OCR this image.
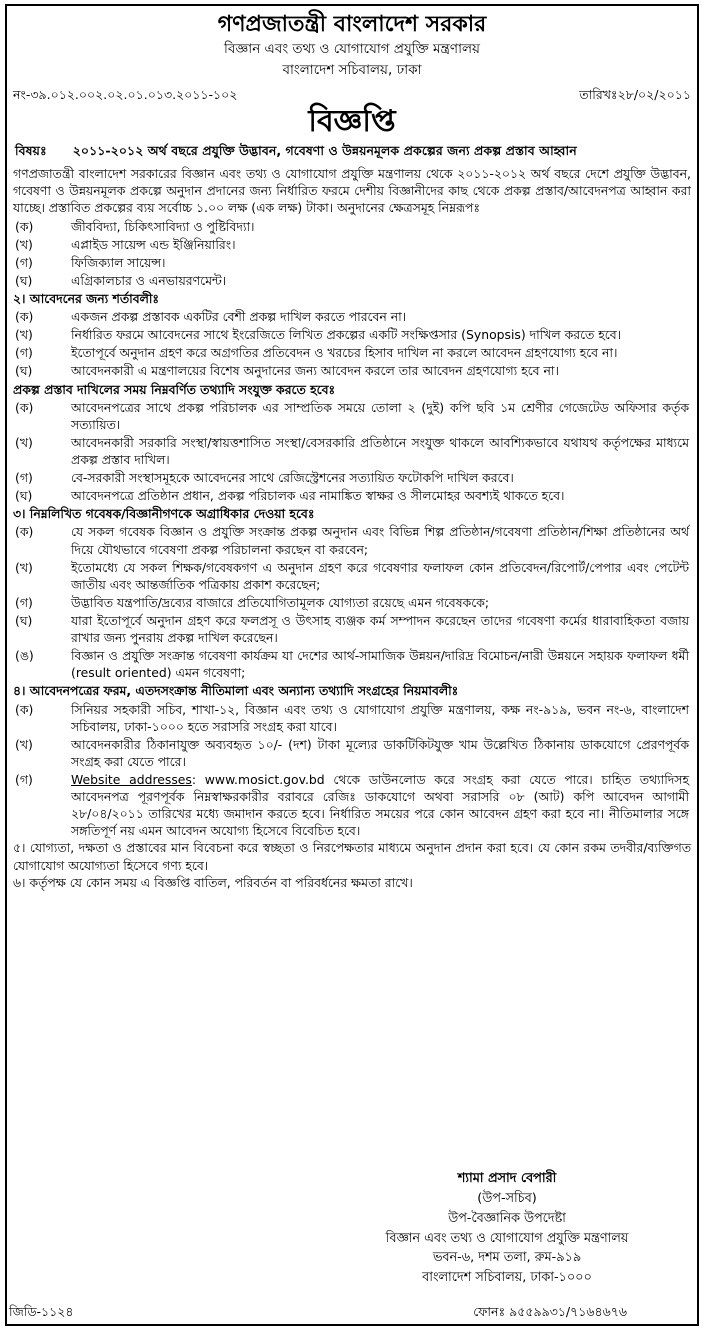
গণপ্রজাতন্ত্রী বাংলাদেশ সরকার
বিজ্ঞান এবং তথ্য ও যোগাযোগ প্রযুক্তি মন্ত্রণালয়
বাংলাদেশ সচিবালয়, ঢাকা
নং-৩৯.০১২.০০২.০২.০১.০১৩.২০১১-১০২	তারিখঃ২৮/০২/২০১১
বিজ্ঞপ্তি
বিষয়ঃ ২০১১-২০১২ অর্থ বছরে প্রযুক্তি উদ্ভাবন, গবেষণা ও উন্নয়নমূলক প্রকল্পের জন্য প্রকল্প প্রস্তাব আহ্বান

গণপ্রজাতন্ত্রী বাংলাদেশ সরকারের বিজ্ঞান এবং তথ্য ও যোগাযোগ প্রযুক্তি মন্ত্রণালয় থেকে ২০১১-২০১২ অর্থ বছরে দেশে প্রযুক্তি উদ্ভাবন, গবেষণা ও উন্নয়নমূলক প্রকল্পে অনুদান প্রদানের জন্য নির্ধারিত ফরমে দেশীয় বিজ্ঞানীদের কাছ থেকে প্রকল্প প্রস্তাব/আবেদনপত্র আহ্বান করা যাচ্ছে। প্রস্তাবিত প্রকল্পের ব্যয় সর্বোচ্চ ১.০০ লক্ষ (এক লক্ষ) টাকা। অনুদানের ক্ষেত্রসমূহ নিম্নরূপঃ

(ক)	জীববিদ্যা, চিকিৎসাবিদ্যা ও পুষ্টিবিদ্যা।
(খ)	এপ্লাইড সায়েন্স এন্ড ইঞ্জিনিয়ারিং।
(গ)	ফিজিক্যাল সায়েন্স।
(ঘ)	এগ্রিকালচার ও এনভায়রণমেন্ট।
২। আবেদনের জন্য শর্তাবলীঃ
(ক)	একজন প্রকল্প প্রস্তাবক একটির বেশী প্রকল্প দাখিল করতে পারবেন না।
(খ)	নির্ধারিত ফরমে আবেদনের সাথে ইংরেজিতে লিখিত প্রকল্পের একটি সংক্ষিপ্তসার (Synopsis) দাখিল করতে হবে।
(গ)	ইতোপূর্বে অনুদান গ্রহণ করে অগ্রগতির প্রতিবেদন ও খরচের হিসাব দাখিল না করলে আবেদন গ্রহণযোগ্য হবে না।
(ঘ)	আবেদনকারী এ মন্ত্রণালয়ের বিশেষ অনুদানের জন্য আবেদন করলে তার আবেদন গ্রহণযোগ্য হবে না।
প্রকল্প প্রস্তাব দাখিলের সময় নিম্নবর্ণিত তথ্যাদি সংযুক্ত করতে হবেঃ
(ক)	আবেদনপত্রের সাথে প্রকল্প পরিচালক এর সাম্প্রতিক সময়ে তোলা ২ (দুই) কপি ছবি ১ম শ্রেণীর গেজেটেড অফিসার কর্তৃক সত্যায়িত।
(খ)	আবেদনকারী সরকারি সংস্থা/স্বায়ত্তশাসিত সংস্থা/বেসরকারি প্রতিষ্ঠানে সংযুক্ত থাকলে আবশ্যিকভাবে যথাযথ কর্তৃপক্ষের মাধ্যমে প্রকল্প প্রস্তাব দাখিল।
(গ)	বে-সরকারী সংস্থাসমূহকে আবেদনের সাথে রেজিস্ট্রেশনের সত্যায়িত ফটোকপি দাখিল করবে।
(ঘ)	আবেদনপত্রে প্রতিষ্ঠান প্রধান, প্রকল্প পরিচালক এর নামাঙ্কিত স্বাক্ষর ও সীলমোহর অবশ্যই থাকতে হবে।
৩। নিম্নলিখিত গবেষক/বিজ্ঞানীগণকে অগ্রাধিকার দেওয়া হবেঃ
(ক)	যে সকল গবেষক বিজ্ঞান ও প্রযুক্তি সংক্রান্ত প্রকল্প অনুদান এবং বিভিন্ন শিল্প প্রতিষ্ঠান/গবেষণা প্রতিষ্ঠান/শিক্ষা প্রতিষ্ঠানের অর্থ দিয়ে যৌথভাবে গবেষণা প্রকল্প পরিচালনা করছেন বা করবেন;
(খ)	ইতোমধ্যে যে সকল শিক্ষক/গবেষকগণ এ অনুদান গ্রহণ করে গবেষণার ফলাফল কোন প্রতিবেদন/রিপোর্ট/পেপার এবং পেটেন্ট জাতীয় এবং আন্তর্জাতিক পত্রিকায় প্রকাশ করেছেন;
(গ)	উদ্ভাবিত যন্ত্রপাতি/দ্রব্যের বাজারে প্রতিযোগিতামূলক যোগ্যতা রয়েছে এমন গবেষককে;
(ঘ)	যারা ইতোপূর্বে অনুদান গ্রহণ করে ফলপ্রসূ ও উৎসাহ ব্যঞ্জক কর্ম সম্পাদন করেছেন তাদের গবেষণা কর্মের ধারাবাহিকতা বজায় রাখার জন্য পুনরায় প্রকল্প দাখিল করেছেন।
(ঙ)	বিজ্ঞান ও প্রযুক্তি সংক্রান্ত গবেষণা কার্যক্রম যা দেশের আর্থ-সামাজিক উন্নয়ন/দারিদ্র বিমোচন/নারী উন্নয়নে সহায়ক ফলাফল ধর্মী (result oriented) এমন গবেষণা;
৪। আবেদনপত্রের ফরম, এতদসংক্রান্ত নীতিমালা এবং অন্যান্য তথ্যাদি সংগ্রহের নিয়মাবলীঃ
(ক)	সিনিয়র সহকারী সচিব, শাখা-১২, বিজ্ঞান এবং তথ্য ও যোগাযোগ প্রযুক্তি মন্ত্রণালয়, কক্ষ নং-৯১৯, ভবন নং-৬, বাংলাদেশ সচিবালয়, ঢাকা-১০০০ হতে সরাসরি সংগ্রহ করা যাবে।
(খ)	আবেদনকারীর ঠিকানাযুক্ত অব্যবহৃত ১০/- (দশ) টাকা মূল্যের ডাকটিকিটযুক্ত খাম উল্লেখিত ঠিকানায় ডাকযোগে প্রেরণপূর্বক সংগ্রহ করা যেতে পারে।
(গ)	Website addresses: www.mosict.gov.bd থেকে ডাউনলোড করে সংগ্রহ করা যেতে পারে। চাহিত তথ্যাদিসহ আবেদনপত্র পূরণপূর্বক নিম্নস্বাক্ষরকারীর বরাবরে রেজিঃ ডাকযোগে অথবা সরাসরি ০৮ (আট) কপি আবেদন আগামী ২৮/০৪/২০১১ তারিখের মধ্যে জমাদান করতে হবে। নির্ধারিত সময়ের পরে কোন আবেদন গ্রহণ করা হবে না। নীতিমালার সঙ্গে সঙ্গতিপূর্ণ নয় এমন আবেদন অযোগ্য হিসেবে বিবেচিত হবে।

৫। যোগ্যতা, দক্ষতা ও প্রস্তাবের মান বিবেচনা করে স্বচ্ছতা ও নিরপেক্ষতার মাধ্যমে অনুদান প্রদান করা হবে। যে কোন রকম তদবীর/ব্যক্তিগত যোগাযোগ অযোগ্যতা হিসেবে গণ্য হবে।

৬। কর্তৃপক্ষ যে কোন সময় এ বিজ্ঞপ্তি বাতিল, পরিবর্তন বা পরিবর্ধনের ক্ষমতা রাখে।

শ্যামা প্রসাদ বেপারী
(উপ-সচিব)
উপ-বৈজ্ঞানিক উপদেষ্টা
বিজ্ঞান এবং তথ্য ও যোগাযোগ প্রযুক্তি মন্ত্রণালয়
ভবন-৬, দশম তলা, রুম-৯১৯
বাংলাদেশ সচিবালয়, ঢাকা-১০০০
জিডি-১১২৪	ফোনঃ ৯৫৫৯৯৩১/৭১৬৪৬৭৬
